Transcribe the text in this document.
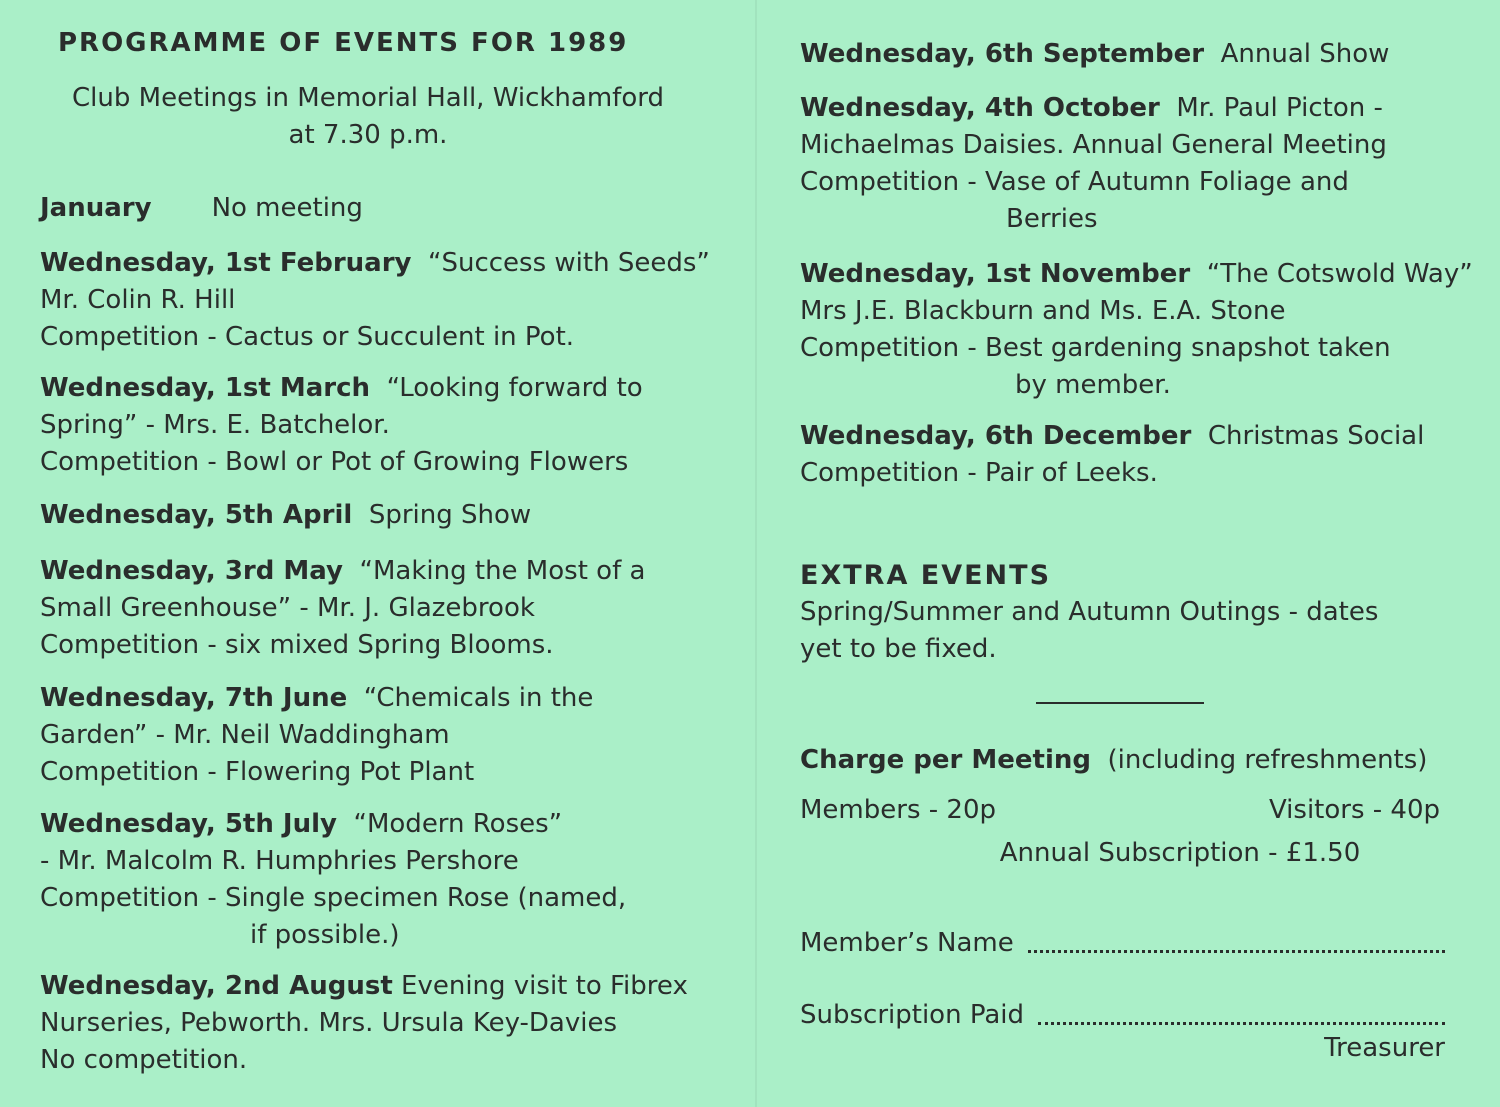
PROGRAMME OF EVENTS FOR 1989
Club Meetings in Memorial Hall, Wickhamford
at 7.30 p.m.
January No meeting
Wednesday, 1st February “Success with Seeds”
Mr. Colin R. Hill
Competition - Cactus or Succulent in Pot.
Wednesday, 1st March “Looking forward to
Spring” - Mrs. E. Batchelor.
Competition - Bowl or Pot of Growing Flowers
Wednesday, 5th April Spring Show
Wednesday, 3rd May “Making the Most of a
Small Greenhouse” - Mr. J. Glazebrook
Competition - six mixed Spring Blooms.
Wednesday, 7th June “Chemicals in the
Garden” - Mr. Neil Waddingham
Competition - Flowering Pot Plant
Wednesday, 5th July “Modern Roses”
- Mr. Malcolm R. Humphries Pershore
Competition - Single specimen Rose (named,
if possible.)
Wednesday, 2nd August Evening visit to Fibrex
Nurseries, Pebworth. Mrs. Ursula Key-Davies
No competition.
Wednesday, 6th September Annual Show
Wednesday, 4th October Mr. Paul Picton -
Michaelmas Daisies. Annual General Meeting
Competition - Vase of Autumn Foliage and
Berries
Wednesday, 1st November “The Cotswold Way”
Mrs J.E. Blackburn and Ms. E.A. Stone
Competition - Best gardening snapshot taken
by member.
Wednesday, 6th December Christmas Social
Competition - Pair of Leeks.
EXTRA EVENTS
Spring/Summer and Autumn Outings - dates
yet to be fixed.
Charge per Meeting (including refreshments)
Members - 20p	Visitors - 40p
Annual Subscription - £1.50
Member’s Name
Subscription Paid
Treasurer
